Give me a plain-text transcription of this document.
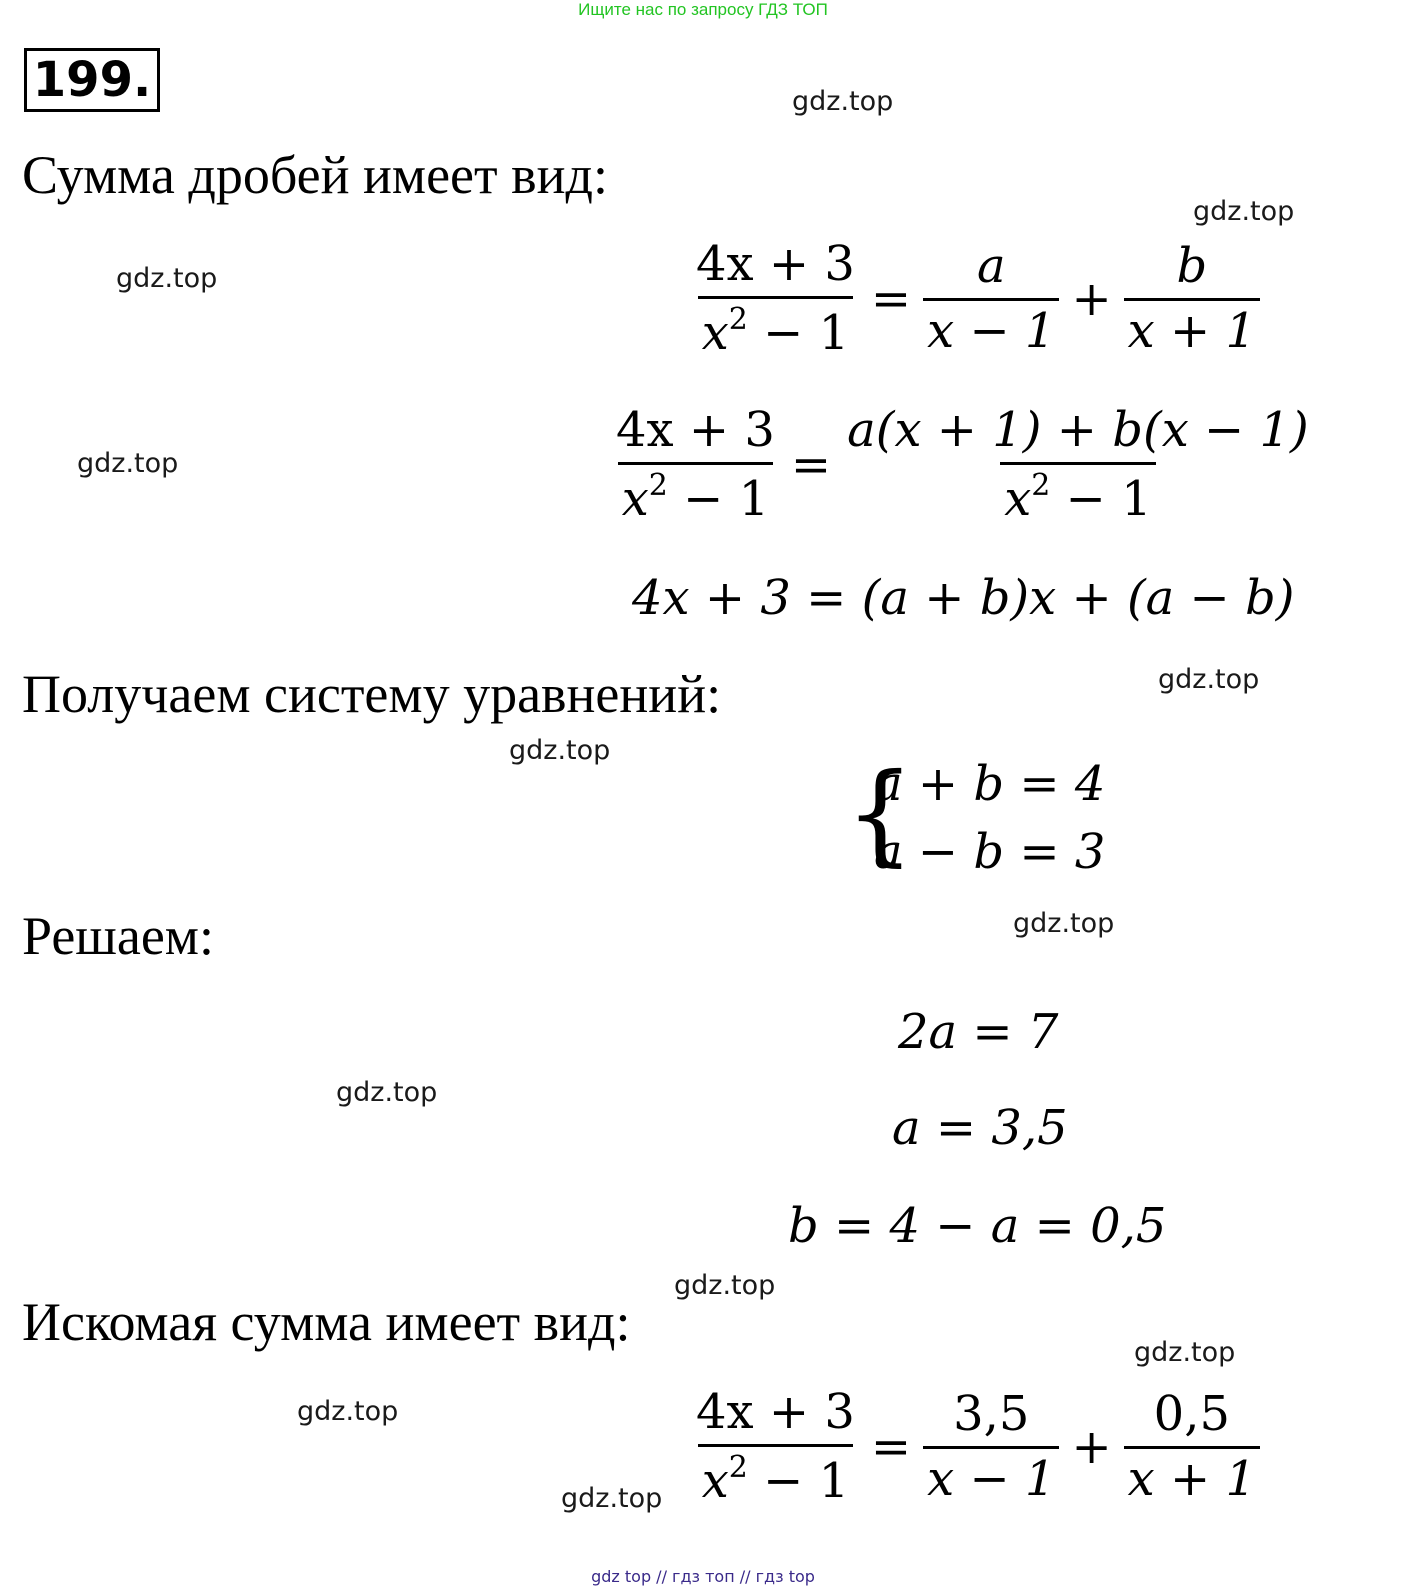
Ищите нас по запросу ГДЗ ТОП
199.	gdz.top
gdz.top
gdz.top
gdz.top
gdz.top
gdz.top
gdz.top
gdz.top
gdz.top
gdz.top
gdz.top
gdz.top
Сумма дробей имеет вид:
Получаем систему уравнений:
Решаем:
Искомая сумма имеет вид:
$\frac{4x + 3}{x^2 - 1} = \frac{a}{x - 1} + \frac{b}{x + 1}$
$\frac{4x + 3}{x^2 - 1} = \frac{a(x + 1) + b(x - 1)}{x^2 - 1}$
4x + 3 = (a + b)x + (a − b)
{
a + b = 4
a − b = 3
2a = 7
a = 3,5
b = 4 − a = 0,5
$\frac{4x + 3}{x^2 - 1} = \frac{3,5}{x - 1} + \frac{0,5}{x + 1}$
gdz top // гдз топ // гдз top
